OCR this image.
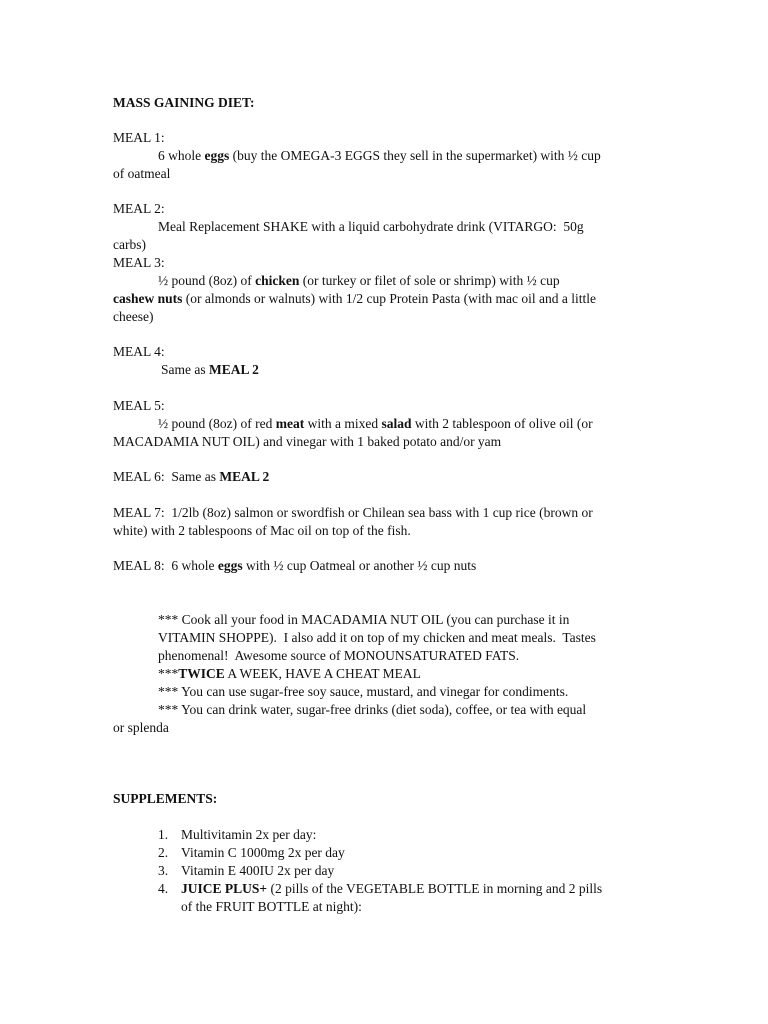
MASS GAINING DIET:
MEAL 1:
6 whole eggs (buy the OMEGA-3 EGGS they sell in the supermarket) with ½ cup
of oatmeal
MEAL 2:
Meal Replacement SHAKE with a liquid carbohydrate drink (VITARGO:  50g
carbs)
MEAL 3:
½ pound (8oz) of chicken (or turkey or filet of sole or shrimp) with ½ cup
cashew nuts (or almonds or walnuts) with 1/2 cup Protein Pasta (with mac oil and a little
cheese)
MEAL 4:
Same as MEAL 2
MEAL 5:
½ pound (8oz) of red meat with a mixed salad with 2 tablespoon of olive oil (or
MACADAMIA NUT OIL) and vinegar with 1 baked potato and/or yam
MEAL 6:  Same as MEAL 2
MEAL 7:  1/2lb (8oz) salmon or swordfish or Chilean sea bass with 1 cup rice (brown or
white) with 2 tablespoons of Mac oil on top of the fish.
MEAL 8:  6 whole eggs with ½ cup Oatmeal or another ½ cup nuts
*** Cook all your food in MACADAMIA NUT OIL (you can purchase it in
VITAMIN SHOPPE).  I also add it on top of my chicken and meat meals.  Tastes
phenomenal!  Awesome source of MONOUNSATURATED FATS.
***TWICE A WEEK, HAVE A CHEAT MEAL
*** You can use sugar-free soy sauce, mustard, and vinegar for condiments.
*** You can drink water, sugar-free drinks (diet soda), coffee, or tea with equal
or splenda
SUPPLEMENTS:
1. Multivitamin 2x per day:
2. Vitamin C 1000mg 2x per day
3. Vitamin E 400IU 2x per day
4. JUICE PLUS+ (2 pills of the VEGETABLE BOTTLE in morning and 2 pills
of the FRUIT BOTTLE at night):
